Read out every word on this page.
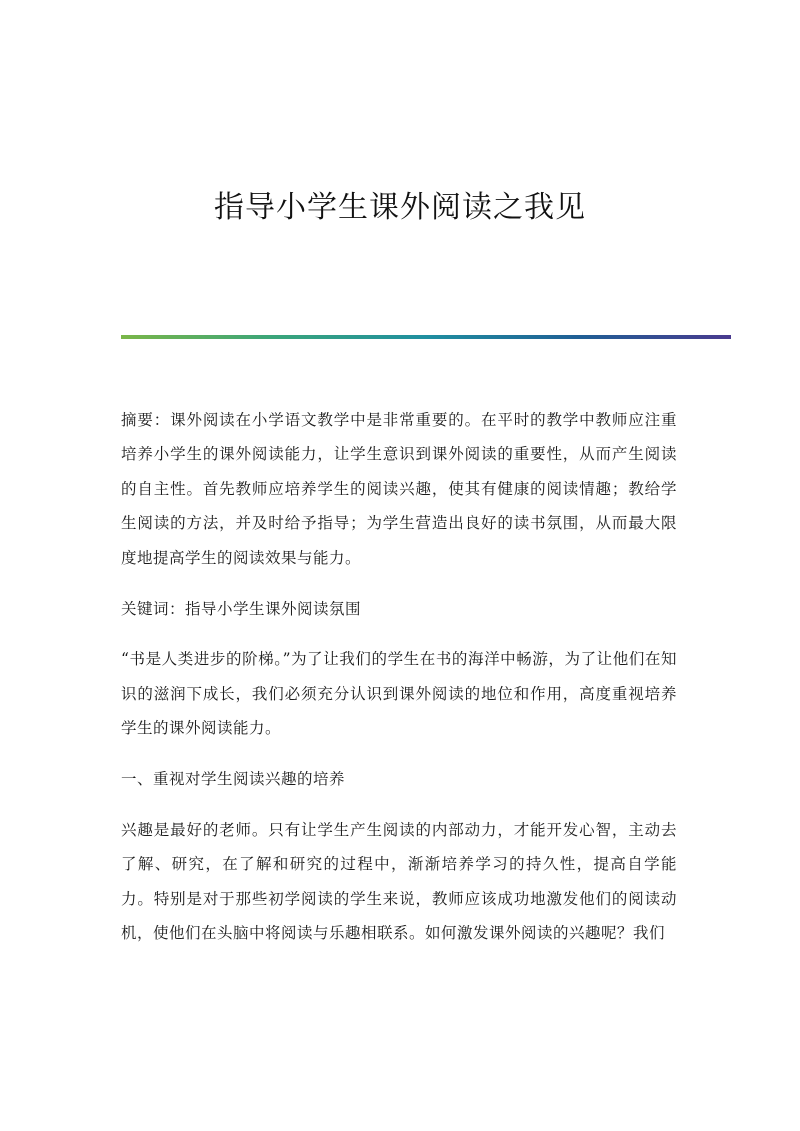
指导小学生课外阅读之我见

摘要：课外阅读在小学语文教学中是非常重要的。在平时的教学中教师应注重培养小学生的课外阅读能力，让学生意识到课外阅读的重要性，从而产生阅读的自主性。首先教师应培养学生的阅读兴趣，使其有健康的阅读情趣；教给学生阅读的方法，并及时给予指导；为学生营造出良好的读书氛围，从而最大限度地提高学生的阅读效果与能力。

关键词：指导小学生课外阅读氛围

“书是人类进步的阶梯。”为了让我们的学生在书的海洋中畅游，为了让他们在知识的滋润下成长，我们必须充分认识到课外阅读的地位和作用，高度重视培养学生的课外阅读能力。

一、重视对学生阅读兴趣的培养

兴趣是最好的老师。只有让学生产生阅读的内部动力，才能开发心智，主动去了解、研究，在了解和研究的过程中，渐渐培养学习的持久性，提高自学能力。特别是对于那些初学阅读的学生来说，教师应该成功地激发他们的阅读动机，使他们在头脑中将阅读与乐趣相联系。如何激发课外阅读的兴趣呢？我们
